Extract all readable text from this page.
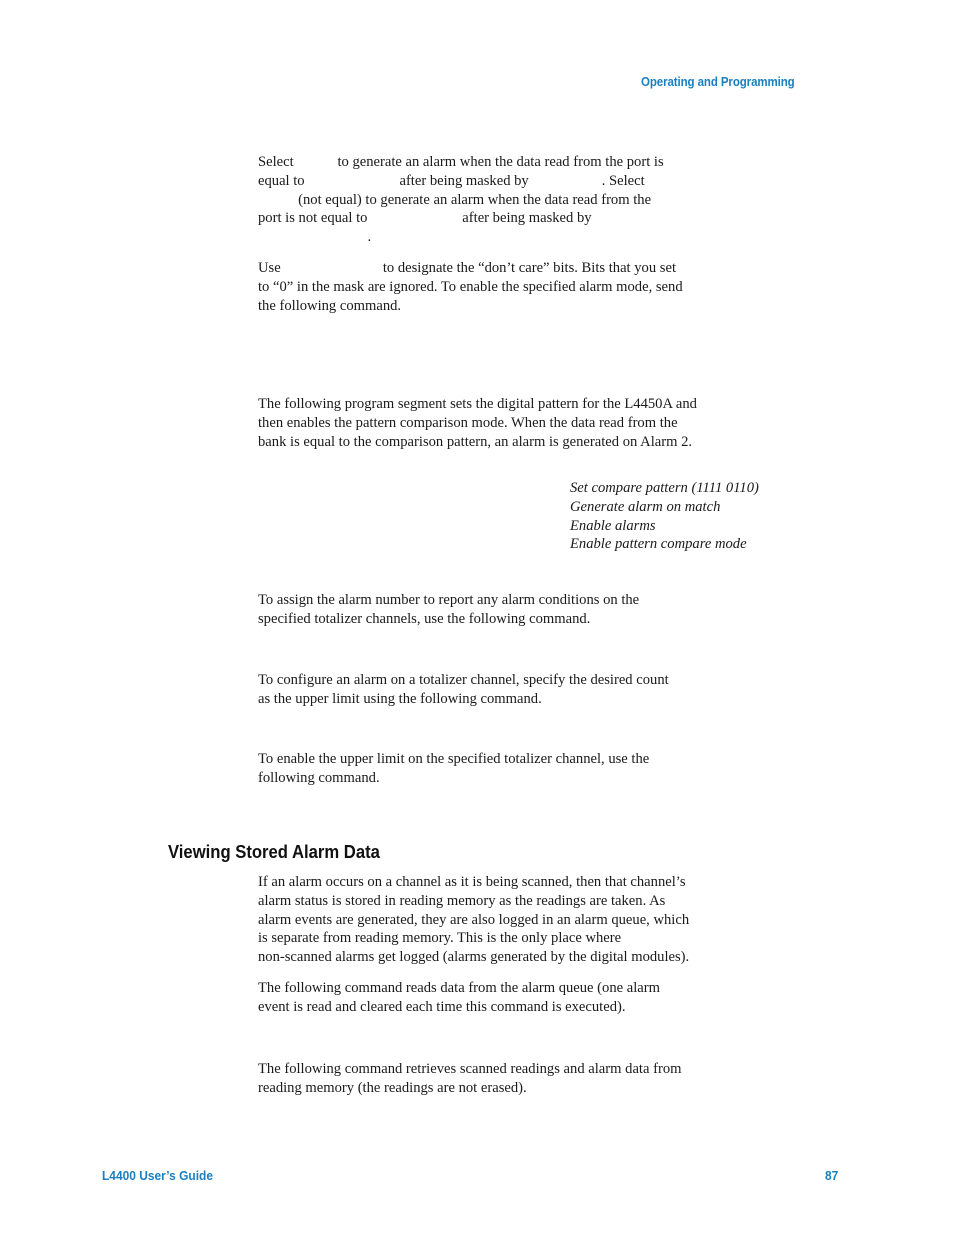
Operating and Programming
Select            to generate an alarm when the data read from the port is
equal to                          after being masked by                    . Select
(not equal) to generate an alarm when the data read from the
port is not equal to                          after being masked by
.
Use                            to designate the “don’t care” bits. Bits that you set
to “0” in the mask are ignored. To enable the specified alarm mode, send
the following command.
The following program segment sets the digital pattern for the L4450A and
then enables the pattern comparison mode. When the data read from the
bank is equal to the comparison pattern, an alarm is generated on Alarm 2.
Set compare pattern (1111 0110)
Generate alarm on match
Enable alarms
Enable pattern compare mode
To assign the alarm number to report any alarm conditions on the
specified totalizer channels, use the following command.
To configure an alarm on a totalizer channel, specify the desired count
as the upper limit using the following command.
To enable the upper limit on the specified totalizer channel, use the
following command.
Viewing Stored Alarm Data
If an alarm occurs on a channel as it is being scanned, then that channel’s
alarm status is stored in reading memory as the readings are taken. As
alarm events are generated, they are also logged in an alarm queue, which
is separate from reading memory. This is the only place where
non-scanned alarms get logged (alarms generated by the digital modules).
The following command reads data from the alarm queue (one alarm
event is read and cleared each time this command is executed).
The following command retrieves scanned readings and alarm data from
reading memory (the readings are not erased).
L4400 User’s Guide	87
